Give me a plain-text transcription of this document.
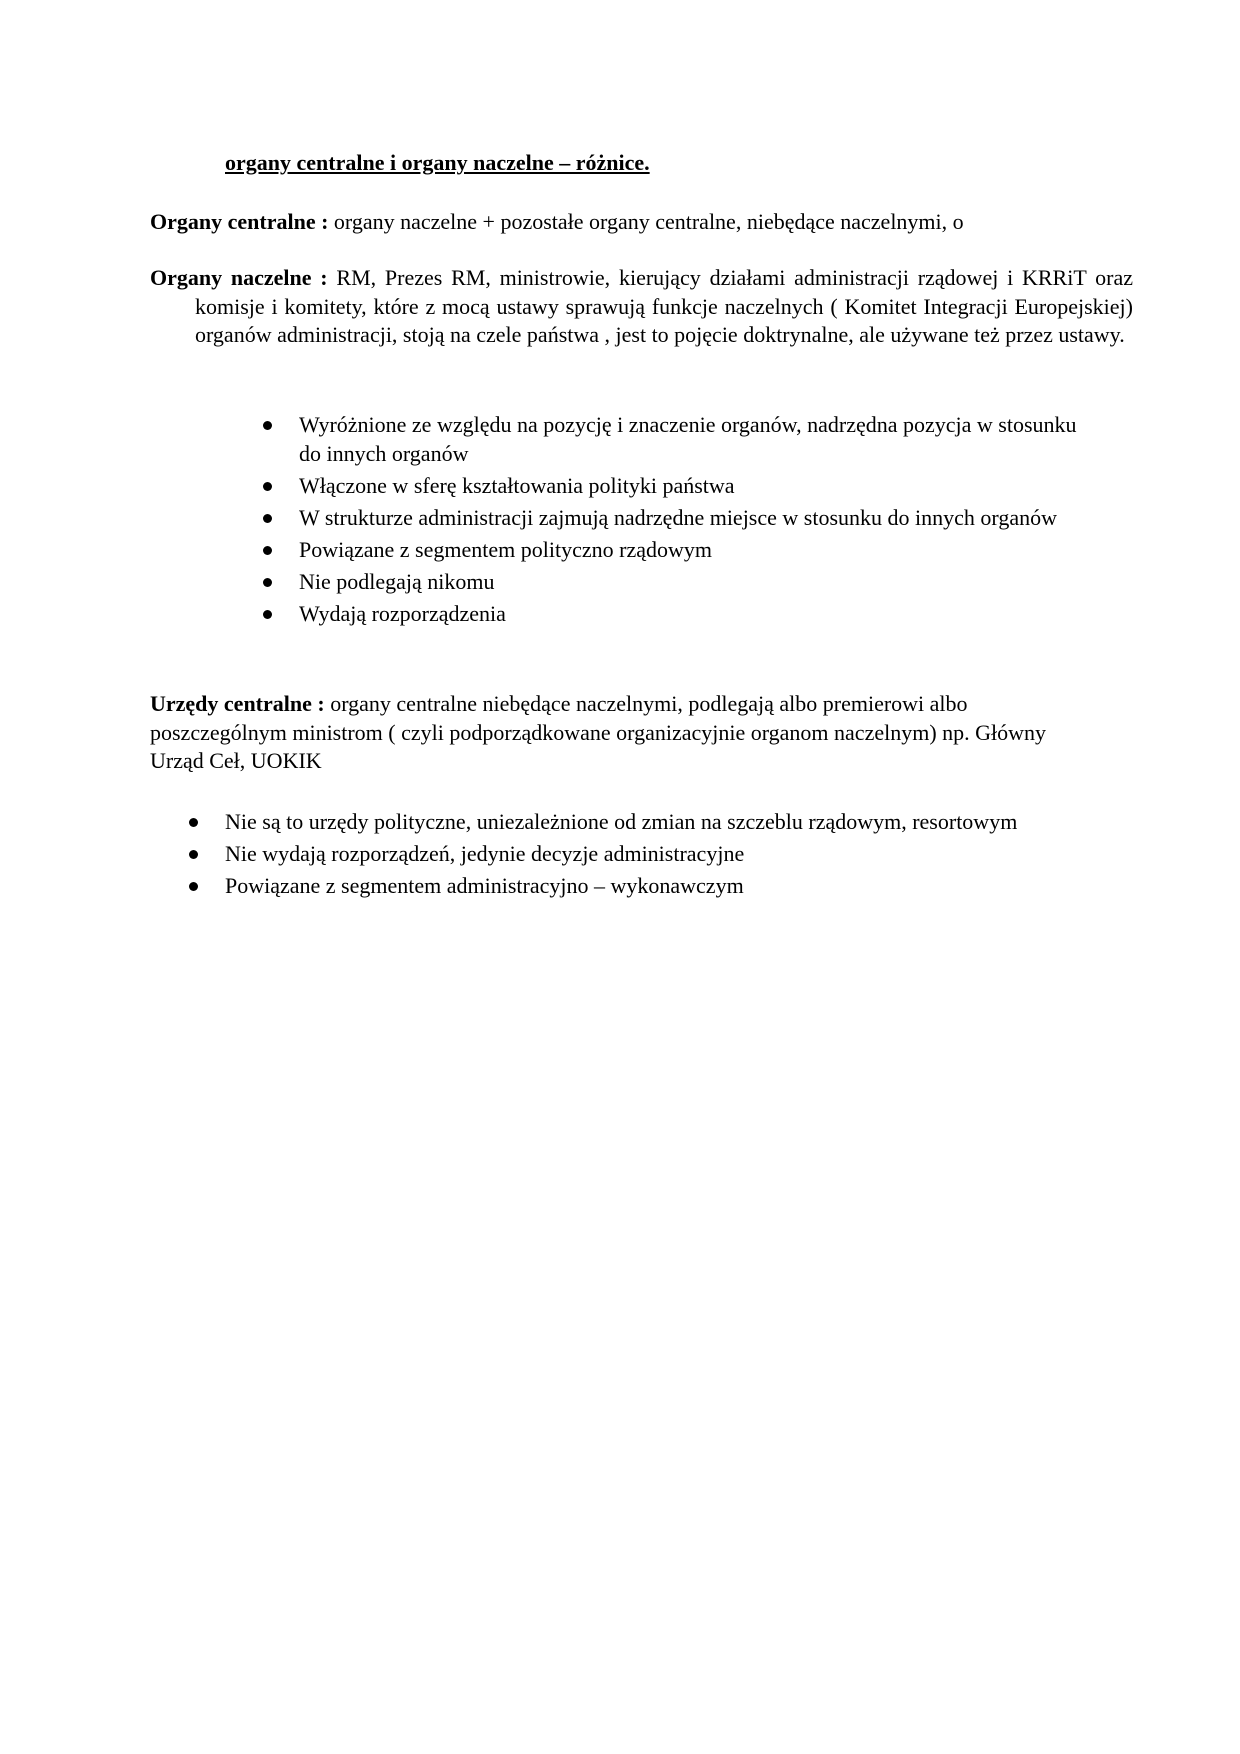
organy centralne i organy naczelne – różnice.
Organy centralne : organy naczelne + pozostałe organy centralne, niebędące naczelnymi, o
Organy naczelne : RM, Prezes RM, ministrowie, kierujący działami administracji rządowej i KRRiT oraz komisje i komitety, które z mocą ustawy sprawują funkcje naczelnych ( Komitet Integracji Europejskiej) organów administracji, stoją na czele państwa , jest to pojęcie doktrynalne, ale używane też przez ustawy.
Wyróżnione ze względu na pozycję i znaczenie organów, nadrzędna pozycja w stosunku do innych organów
Włączone w sferę kształtowania polityki państwa
W strukturze administracji zajmują nadrzędne miejsce w stosunku do innych organów
Powiązane z segmentem polityczno rządowym
Nie podlegają nikomu
Wydają rozporządzenia
Urzędy centralne : organy centralne niebędące naczelnymi, podlegają albo premierowi albo poszczególnym ministrom ( czyli podporządkowane organizacyjnie organom naczelnym) np. Główny Urząd Ceł, UOKIK
Nie są to urzędy polityczne, uniezależnione od zmian na szczeblu rządowym, resortowym
Nie wydają rozporządzeń, jedynie decyzje administracyjne
Powiązane z segmentem administracyjno – wykonawczym
